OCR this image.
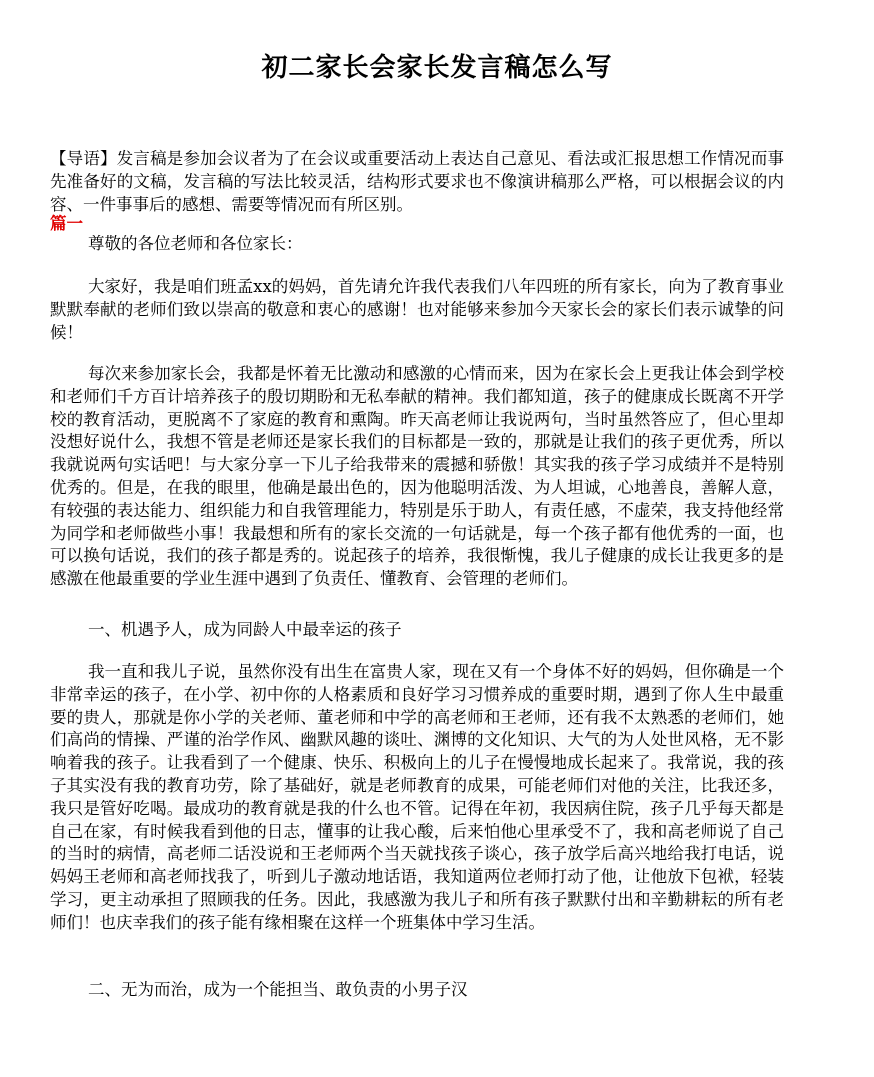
初二家长会家长发言稿怎么写
【导语】发言稿是参加会议者为了在会议或重要活动上表达自己意见、看法或汇报思想工作情况而事先准备好的文稿，发言稿的写法比较灵活，结构形式要求也不像演讲稿那么严格，可以根据会议的内容、一件事事后的感想、需要等情况而有所区别。
篇一
尊敬的各位老师和各位家长：
大家好，我是咱们班孟xx的妈妈，首先请允许我代表我们八年四班的所有家长，向为了教育事业默默奉献的老师们致以崇高的敬意和衷心的感谢！也对能够来参加今天家长会的家长们表示诚挚的问候！
每次来参加家长会，我都是怀着无比激动和感激的心情而来，因为在家长会上更我让体会到学校和老师们千方百计培养孩子的殷切期盼和无私奉献的精神。我们都知道，孩子的健康成长既离不开学校的教育活动，更脱离不了家庭的教育和熏陶。昨天高老师让我说两句，当时虽然答应了，但心里却没想好说什么，我想不管是老师还是家长我们的目标都是一致的，那就是让我们的孩子更优秀，所以我就说两句实话吧！与大家分享一下儿子给我带来的震撼和骄傲！其实我的孩子学习成绩并不是特别优秀的。但是，在我的眼里，他确是最出色的，因为他聪明活泼、为人坦诚，心地善良，善解人意，有较强的表达能力、组织能力和自我管理能力，特别是乐于助人，有责任感，不虚荣，我支持他经常为同学和老师做些小事！我最想和所有的家长交流的一句话就是，每一个孩子都有他优秀的一面，也可以换句话说，我们的孩子都是秀的。说起孩子的培养，我很惭愧，我儿子健康的成长让我更多的是感激在他最重要的学业生涯中遇到了负责任、懂教育、会管理的老师们。
一、机遇予人，成为同龄人中最幸运的孩子
我一直和我儿子说，虽然你没有出生在富贵人家，现在又有一个身体不好的妈妈，但你确是一个非常幸运的孩子，在小学、初中你的人格素质和良好学习习惯养成的重要时期，遇到了你人生中最重要的贵人，那就是你小学的关老师、董老师和中学的高老师和王老师，还有我不太熟悉的老师们，她们高尚的情操、严谨的治学作风、幽默风趣的谈吐、渊博的文化知识、大气的为人处世风格，无不影响着我的孩子。让我看到了一个健康、快乐、积极向上的儿子在慢慢地成长起来了。我常说，我的孩子其实没有我的教育功劳，除了基础好，就是老师教育的成果，可能老师们对他的关注，比我还多，我只是管好吃喝。最成功的教育就是我的什么也不管。记得在年初，我因病住院，孩子几乎每天都是自己在家，有时候我看到他的日志，懂事的让我心酸，后来怕他心里承受不了，我和高老师说了自己的当时的病情，高老师二话没说和王老师两个当天就找孩子谈心，孩子放学后高兴地给我打电话，说妈妈王老师和高老师找我了，听到儿子激动地话语，我知道两位老师打动了他，让他放下包袱，轻装学习，更主动承担了照顾我的任务。因此，我感激为我儿子和所有孩子默默付出和辛勤耕耘的所有老师们！也庆幸我们的孩子能有缘相聚在这样一个班集体中学习生活。
二、无为而治，成为一个能担当、敢负责的小男子汉
